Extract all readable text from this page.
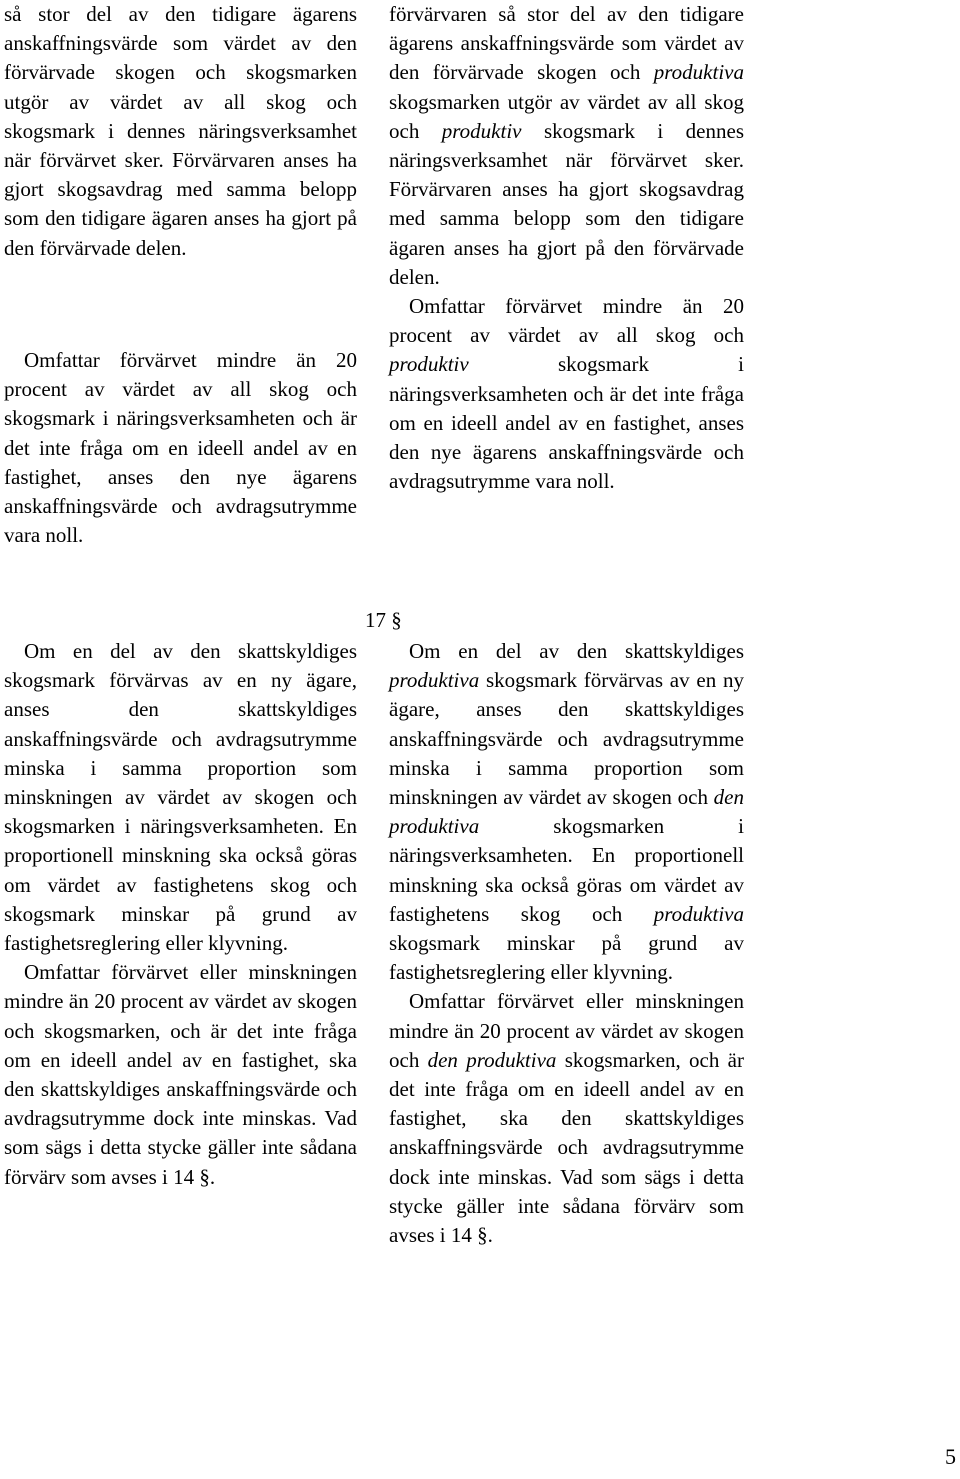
så stor del av den tidigare ägarens anskaffningsvärde som värdet av den förvärvade skogen och skogsmarken utgör av värdet av all skog och skogsmark i dennes näringsverksamhet när förvärvet sker. Förvärvaren anses ha gjort skogsavdrag med samma belopp som den tidigare ägaren anses ha gjort på den förvärvade delen.

Omfattar förvärvet mindre än 20 procent av värdet av all skog och skogsmark i näringsverksamheten och är det inte fråga om en ideell andel av en fastighet, anses den nye ägarens anskaffningsvärde och avdragsutrymme vara noll.

Om en del av den skattskyldiges skogsmark förvärvas av en ny ägare, anses den skattskyldiges anskaffningsvärde och avdragsutrymme minska i samma proportion som minskningen av värdet av skogen och skogsmarken i näringsverksamheten. En proportionell minskning ska också göras om värdet av fastighetens skog och skogsmark minskar på grund av fastighetsreglering eller klyvning.

Omfattar förvärvet eller minskningen mindre än 20 procent av värdet av skogen och skogsmarken, och är det inte fråga om en ideell andel av en fastighet, ska den skattskyldiges anskaffningsvärde och avdragsutrymme dock inte minskas. Vad som sägs i detta stycke gäller inte sådana förvärv som avses i 14 §.

17 §

förvärvaren så stor del av den tidigare ägarens anskaffningsvärde som värdet av den förvärvade skogen och produktiva skogsmarken utgör av värdet av all skog och produktiv skogsmark i dennes näringsverksamhet när förvärvet sker. Förvärvaren anses ha gjort skogsavdrag med samma belopp som den tidigare ägaren anses ha gjort på den förvärvade delen.

Omfattar förvärvet mindre än 20 procent av värdet av all skog och produktiv skogsmark i näringsverksamheten och är det inte fråga om en ideell andel av en fastighet, anses den nye ägarens anskaffningsvärde och avdragsutrymme vara noll.

Om en del av den skattskyldiges produktiva skogsmark förvärvas av en ny ägare, anses den skattskyldiges anskaffningsvärde och avdragsutrymme minska i samma proportion som minskningen av värdet av skogen och den produktiva skogsmarken i näringsverksamheten. En proportionell minskning ska också göras om värdet av fastighetens skog och produktiva skogsmark minskar på grund av fastighetsreglering eller klyvning.

Omfattar förvärvet eller minskningen mindre än 20 procent av värdet av skogen och den produktiva skogsmarken, och är det inte fråga om en ideell andel av en fastighet, ska den skattskyldiges anskaffningsvärde och avdragsutrymme dock inte minskas. Vad som sägs i detta stycke gäller inte sådana förvärv som avses i 14 §.

5
